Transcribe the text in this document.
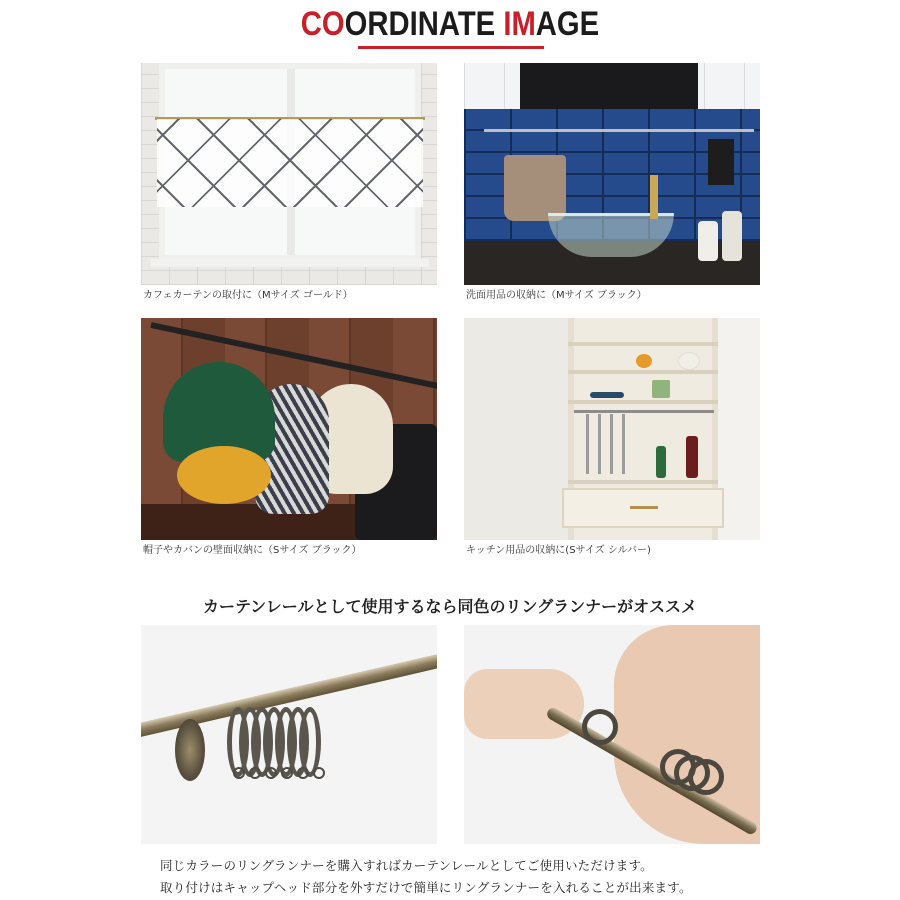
COORDINATE IMAGE
カフェカーテンの取付に（Mサイズ ゴールド）	洗面用品の収納に（Mサイズ ブラック）
帽子やカバンの壁面収納に（Sサイズ ブラック）	キッチン用品の収納に(Sサイズ シルバー)
カーテンレールとして使用するなら同色のリングランナーがオススメ
同じカラーのリングランナーを購入すればカーテンレールとしてご使用いただけます。
取り付けはキャップヘッド部分を外すだけで簡単にリングランナーを入れることが出来ます。
